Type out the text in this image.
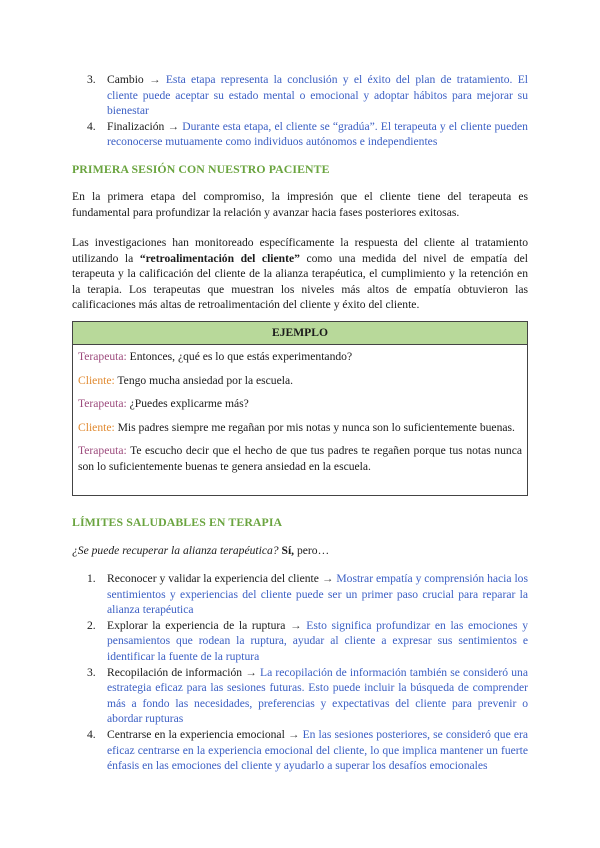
3. Cambio → Esta etapa representa la conclusión y el éxito del plan de tratamiento. El cliente puede aceptar su estado mental o emocional y adoptar hábitos para mejorar su bienestar
4. Finalización → Durante esta etapa, el cliente se “gradúa”. El terapeuta y el cliente pueden reconocerse mutuamente como individuos autónomos e independientes
PRIMERA SESIÓN CON NUESTRO PACIENTE

En la primera etapa del compromiso, la impresión que el cliente tiene del terapeuta es fundamental para profundizar la relación y avanzar hacia fases posteriores exitosas.

Las investigaciones han monitoreado específicamente la respuesta del cliente al tratamiento utilizando la “retroalimentación del cliente” como una medida del nivel de empatía del terapeuta y la calificación del cliente de la alianza terapéutica, el cumplimiento y la retención en la terapia. Los terapeutas que muestran los niveles más altos de empatía obtuvieron las calificaciones más altas de retroalimentación del cliente y éxito del cliente.

EJEMPLO

Terapeuta: Entonces, ¿qué es lo que estás experimentando?

Cliente: Tengo mucha ansiedad por la escuela.

Terapeuta: ¿Puedes explicarme más?

Cliente: Mis padres siempre me regañan por mis notas y nunca son lo suficientemente buenas.

Terapeuta: Te escucho decir que el hecho de que tus padres te regañen porque tus notas nunca son lo suficientemente buenas te genera ansiedad en la escuela.

LÍMITES SALUDABLES EN TERAPIA

¿Se puede recuperar la alianza terapéutica? Sí, pero…

1. Reconocer y validar la experiencia del cliente → Mostrar empatía y comprensión hacia los sentimientos y experiencias del cliente puede ser un primer paso crucial para reparar la alianza terapéutica
2. Explorar la experiencia de la ruptura → Esto significa profundizar en las emociones y pensamientos que rodean la ruptura, ayudar al cliente a expresar sus sentimientos e identificar la fuente de la ruptura
3. Recopilación de información → La recopilación de información también se consideró una estrategia eficaz para las sesiones futuras. Esto puede incluir la búsqueda de comprender más a fondo las necesidades, preferencias y expectativas del cliente para prevenir o abordar rupturas
4. Centrarse en la experiencia emocional → En las sesiones posteriores, se consideró que era eficaz centrarse en la experiencia emocional del cliente, lo que implica mantener un fuerte énfasis en las emociones del cliente y ayudarlo a superar los desafíos emocionales
